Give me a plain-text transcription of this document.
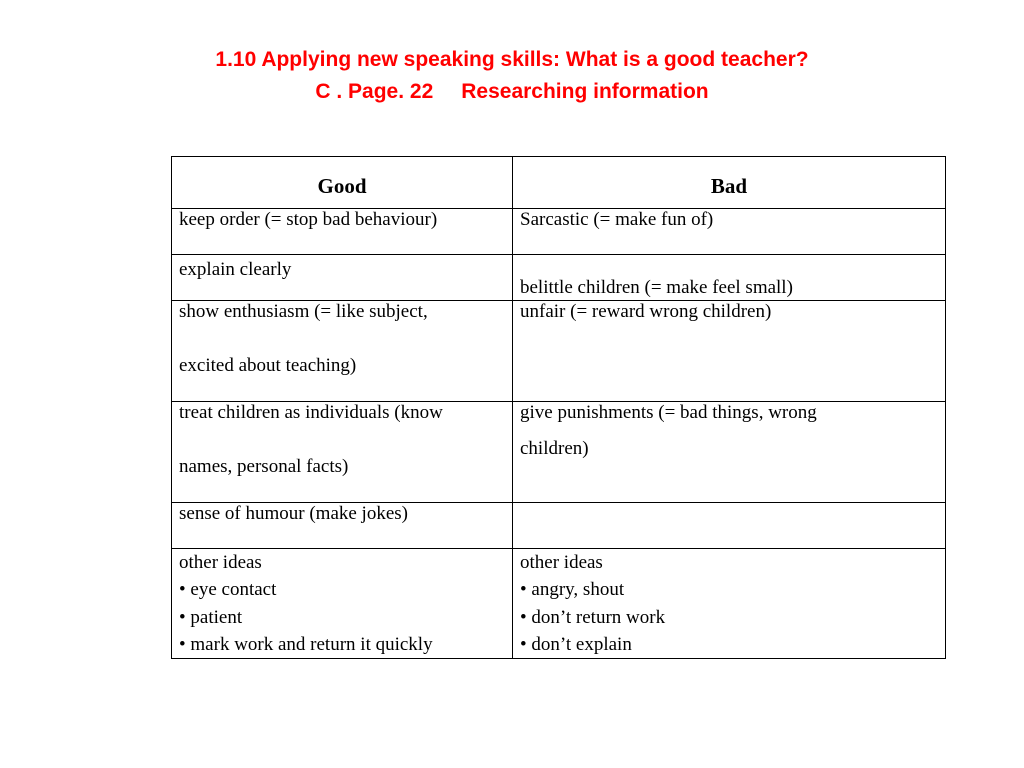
1.10 Applying new speaking skills: What is a good teacher?
C . Page. 22 Researching information
Good	Bad
keep order (= stop bad behaviour)	Sarcastic (= make fun of)
explain clearly	belittle children (= make feel small)

show enthusiasm (= like subject,
excited about teaching)	unfair (= reward wrong children)

treat children as individuals (know
names, personal facts)	give punishments (= bad things, wrong
children)

sense of humour (make jokes)	

other ideas
• eye contact
• patient
• mark work and return it quickly	other ideas
• angry, shout
• don’t return work
• don’t explain
